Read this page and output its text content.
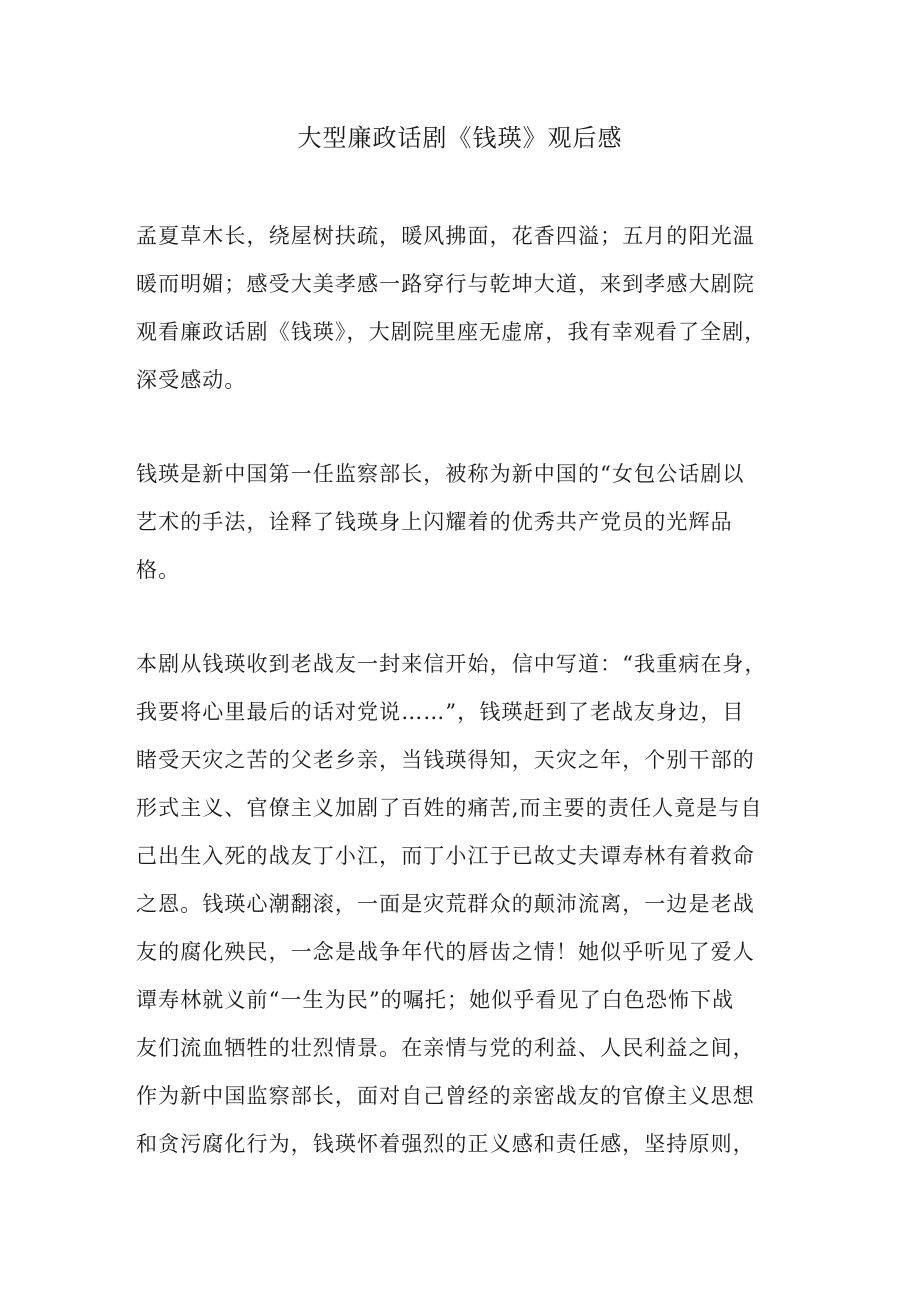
大型廉政话剧《钱瑛》观后感
孟夏草木长，绕屋树扶疏，暖风拂面，花香四溢；五月的阳光温
暖而明媚；感受大美孝感一路穿行与乾坤大道，来到孝感大剧院
观看廉政话剧《钱瑛》，大剧院里座无虚席，我有幸观看了全剧，
深受感动。
钱瑛是新中国第一任监察部长，被称为新中国的“女包公话剧以
艺术的手法，诠释了钱瑛身上闪耀着的优秀共产党员的光辉品
格。
本剧从钱瑛收到老战友一封来信开始，信中写道：“我重病在身，
我要将心里最后的话对党说……”，钱瑛赶到了老战友身边，目
睹受天灾之苦的父老乡亲，当钱瑛得知，天灾之年，个别干部的
形式主义、官僚主义加剧了百姓的痛苦,而主要的责任人竟是与自
己出生入死的战友丁小江，而丁小江于已故丈夫谭寿林有着救命
之恩。钱瑛心潮翻滚，一面是灾荒群众的颠沛流离，一边是老战
友的腐化殃民，一念是战争年代的唇齿之情！她似乎听见了爱人
谭寿林就义前“一生为民”的嘱托；她似乎看见了白色恐怖下战
友们流血牺牲的壮烈情景。在亲情与党的利益、人民利益之间，
作为新中国监察部长，面对自己曾经的亲密战友的官僚主义思想
和贪污腐化行为，钱瑛怀着强烈的正义感和责任感，坚持原则，
